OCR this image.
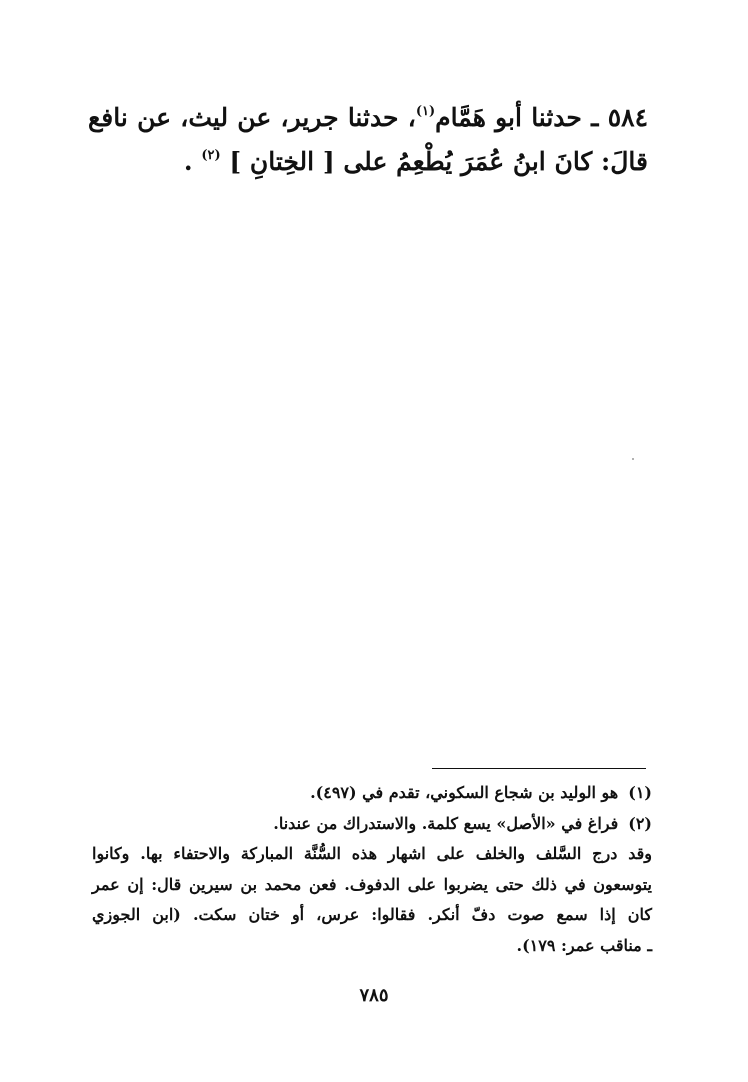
٥٨٤ ـ حدثنا أبو هَمَّام$^{(١)}$، حدثنا جرير، عن ليث، عن نافع
قالَ: كانَ ابنُ عُمَرَ يُطْعِمُ على [ الخِتانِ ] $^{(٢)}$ .
(١)هو الوليد بن شجاع السكوني، تقدم في (٤٩٧).
(٢)فراغ في «الأصل» يسع كلمة. والاستدراك من عندنا.
وقد درج السَّلف والخلف على اشهار هذه السُّنَّة المباركة والاحتفاء بها. وكانوا
يتوسعون في ذلك حتى يضربوا على الدفوف. فعن محمد بن سيرين قال: إن عمر
كان إذا سمع صوت دفّ أنكر. فقالوا: عرس، أو ختان سكت. (ابن الجوزي
ـ مناقب عمر: ١٧٩).
٧٨٥
